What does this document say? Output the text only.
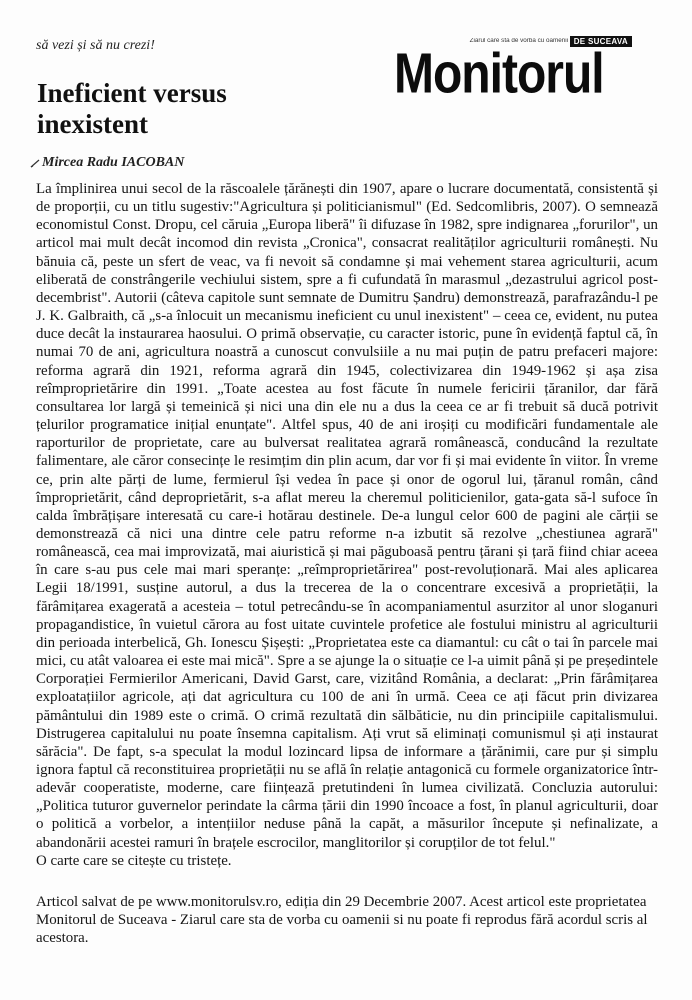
să vezi și să nu crezi!
Ineficient versus
inexistent
Ziarul care stă de vorbă cu oamenii DE SUCEAVA
Monitorul
Mircea Radu IACOBAN

La împlinirea unui secol de la răscoalele țărănești din 1907, apare o lucrare documentată, consistentă și de proporții, cu un titlu sugestiv:"Agricultura și politicianismul" (Ed. Sedcomlibris, 2007). O semnează economistul Const. Dropu, cel căruia „Europa liberă" îi difuzase în 1982, spre indignarea „forurilor", un articol mai mult decât incomod din revista „Cronica", consacrat realităților agriculturii românești. Nu bănuia că, peste un sfert de veac, va fi nevoit să condamne și mai vehement starea agriculturii, acum eliberată de constrângerile vechiului sistem, spre a fi cufundată în marasmul „dezastrului agricol post-decembrist". Autorii (câteva capitole sunt semnate de Dumitru Șandru) demonstrează, parafrazându-l pe J. K. Galbraith, că „s-a înlocuit un mecanismu ineficient cu unul inexistent" – ceea ce, evident, nu putea duce decât la instaurarea haosului. O primă observație, cu caracter istoric, pune în evidență faptul că, în numai 70 de ani, agricultura noastră a cunoscut convulsiile a nu mai puțin de patru prefaceri majore: reforma agrară din 1921, reforma agrară din 1945, colectivizarea din 1949-1962 și așa zisa reîmproprietărire din 1991. „Toate acestea au fost făcute în numele fericirii țăranilor, dar fără consultarea lor largă și temeinică și nici una din ele nu a dus la ceea ce ar fi trebuit să ducă potrivit țelurilor programatice inițial enunțate". Altfel spus, 40 de ani iroșiți cu modificări fundamentale ale raporturilor de proprietate, care au bulversat realitatea agrară românească, conducând la rezultate falimentare, ale căror consecințe le resimțim din plin acum, dar vor fi și mai evidente în viitor. În vreme ce, prin alte părți de lume, fermierul își vedea în pace și onor de ogorul lui, țăranul român, când împroprietărit, când deproprietărit, s-a aflat mereu la cheremul politicienilor, gata-gata să-l sufoce în calda îmbrățișare interesată cu care-i hotărau destinele. De-a lungul celor 600 de pagini ale cărții se demonstrează că nici una dintre cele patru reforme n-a izbutit să rezolve „chestiunea agrară" românească, cea mai improvizată, mai aiuristică și mai păguboasă pentru țărani și țară fiind chiar aceea în care s-au pus cele mai mari speranțe: „reîmproprietărirea" post-revoluționară. Mai ales aplicarea Legii 18/1991, susține autorul, a dus la trecerea de la o concentrare excesivă a proprietății, la fărâmițarea exagerată a acesteia – totul petrecându-se în acompaniamentul asurzitor al unor sloganuri propagandistice, în vuietul cărora au fost uitate cuvintele profetice ale fostului ministru al agriculturii din perioada interbelică, Gh. Ionescu Șișești: „Proprietatea este ca diamantul: cu cât o tai în parcele mai mici, cu atât valoarea ei este mai mică". Spre a se ajunge la o situație ce l-a uimit până și pe președintele Corporației Fermierilor Americani, David Garst, care, vizitând România, a declarat: „Prin fărâmițarea exploatațiilor agricole, ați dat agricultura cu 100 de ani în urmă. Ceea ce ați făcut prin divizarea pământului din 1989 este o crimă. O crimă rezultată din sălbăticie, nu din principiile capitalismului. Distrugerea capitalului nu poate însemna capitalism. Ați vrut să eliminați comunismul și ați instaurat sărăcia". De fapt, s-a speculat la modul lozincard lipsa de informare a țărănimii, care pur și simplu ignora faptul că reconstituirea proprietății nu se află în relație antagonică cu formele organizatorice într-adevăr cooperatiste, moderne, care ființează pretutindeni în lumea civilizată. Concluzia autorului: „Politica tuturor guvernelor perindate la cârma țării din 1990 încoace a fost, în planul agriculturii, doar o politică a vorbelor, a intențiilor neduse până la capăt, a măsurilor începute și nefinalizate, a abandonării acestei ramuri în brațele escrocilor, manglitorilor și corupților de tot felul."

O carte care se citește cu tristețe.
Articol salvat de pe www.monitorulsv.ro, ediția din 29 Decembrie 2007. Acest articol este proprietatea Monitorul de Suceava - Ziarul care sta de vorba cu oamenii si nu poate fi reprodus fără acordul scris al acestora.
